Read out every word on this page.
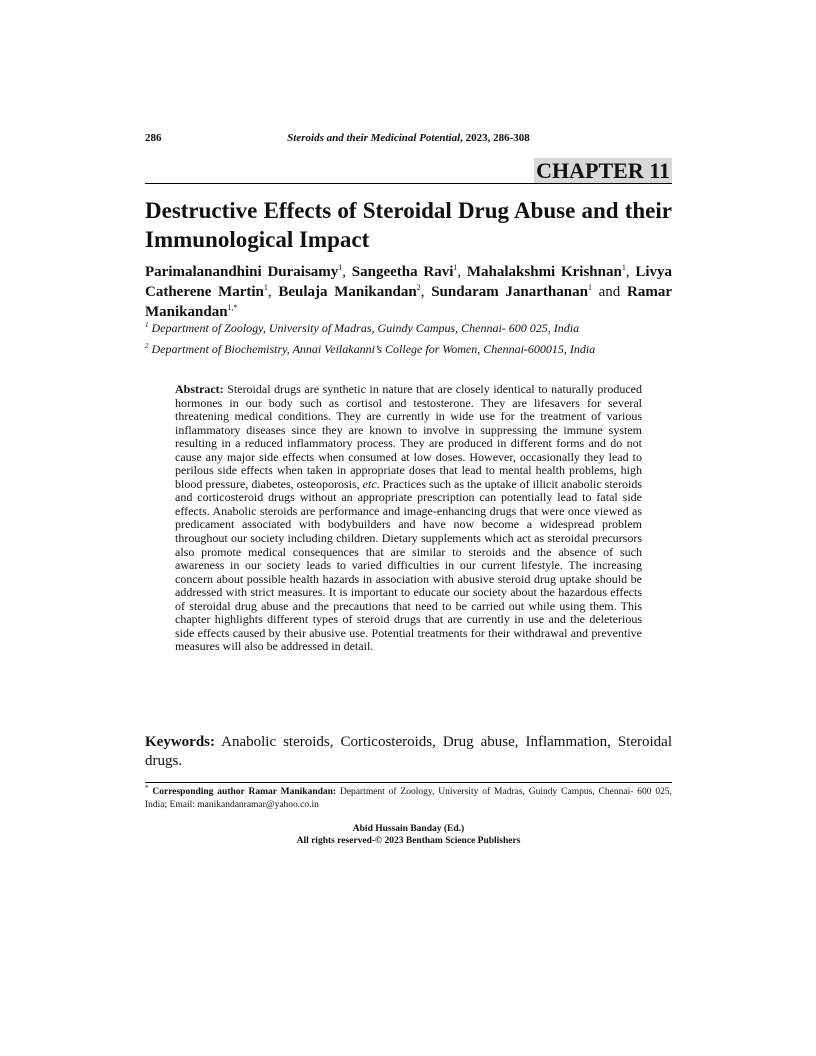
286	Steroids and their Medicinal Potential, 2023, 286-308
CHAPTER 11
Destructive Effects of Steroidal Drug Abuse and their Immunological Impact
Parimalanandhini Duraisamy$^1$, Sangeetha Ravi$^1$, Mahalakshmi Krishnan$^1$, Livya Catherene Martin$^1$, Beulaja Manikandan$^2$, Sundaram Janarthanan$^1$ and Ramar Manikandan$^{1,*}$
$^1$ Department of Zoology, University of Madras, Guindy Campus, Chennai- 600 025, India
$^2$ Department of Biochemistry, Annai Veilakanni’s College for Women, Chennai-600015, India
Abstract: Steroidal drugs are synthetic in nature that are closely identical to naturally produced hormones in our body such as cortisol and testosterone. They are lifesavers for several threatening medical conditions. They are currently in wide use for the treatment of various inflammatory diseases since they are known to involve in suppressing the immune system resulting in a reduced inflammatory process. They are produced in different forms and do not cause any major side effects when consumed at low doses. However, occasionally they lead to perilous side effects when taken in appropriate doses that lead to mental health problems, high blood pressure, diabetes, osteoporosis, etc. Practices such as the uptake of illicit anabolic steroids and corticosteroid drugs without an appropriate prescription can potentially lead to fatal side effects. Anabolic steroids are performance and image-enhancing drugs that were once viewed as predicament associated with bodybuilders and have now become a widespread problem throughout our society including children. Dietary supplements which act as steroidal precursors also promote medical consequences that are similar to steroids and the absence of such awareness in our society leads to varied difficulties in our current lifestyle. The increasing concern about possible health hazards in association with abusive steroid drug uptake should be addressed with strict measures. It is important to educate our society about the hazardous effects of steroidal drug abuse and the precautions that need to be carried out while using them. This chapter highlights different types of steroid drugs that are currently in use and the deleterious side effects caused by their abusive use. Potential treatments for their withdrawal and preventive measures will also be addressed in detail.
Keywords: Anabolic steroids, Corticosteroids, Drug abuse, Inflammation, Steroidal drugs.
* Corresponding author Ramar Manikandan: Department of Zoology, University of Madras, Guindy Campus, Chennai- 600 025, India; Email: manikandanramar@yahoo.co.in
Abid Hussain Banday (Ed.)
All rights reserved-© 2023 Bentham Science Publishers
